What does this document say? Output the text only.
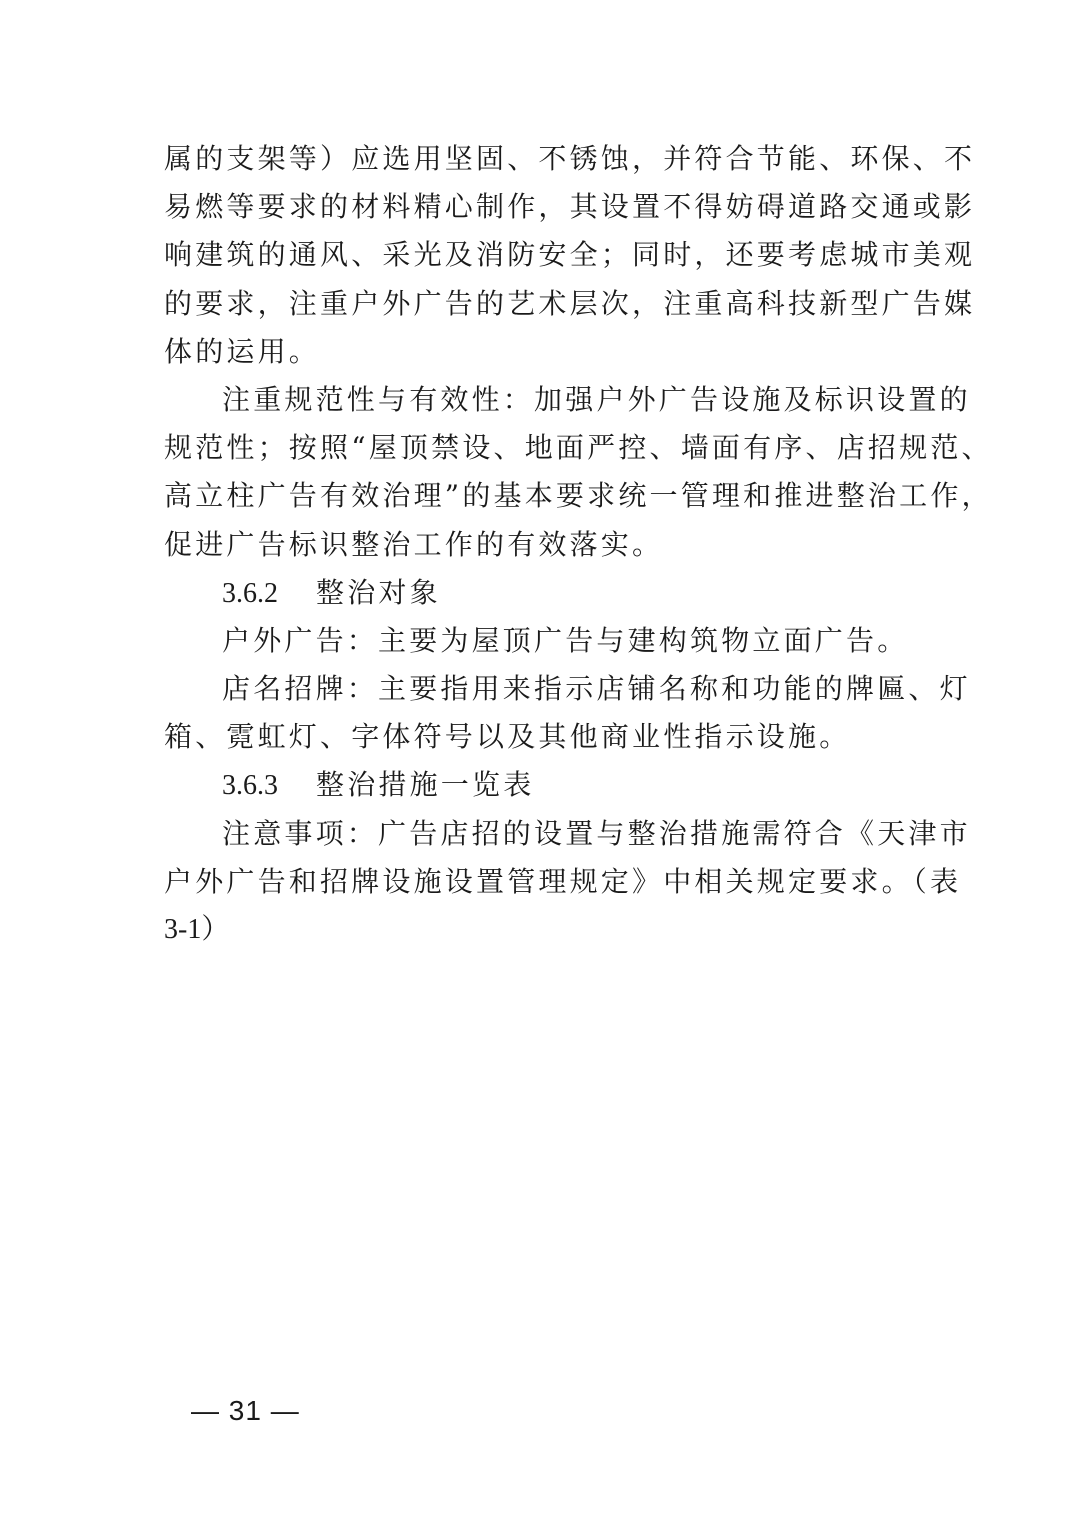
属的支架等）应选用坚固、不锈蚀，并符合节能、环保、不
易燃等要求的材料精心制作，其设置不得妨碍道路交通或影
响建筑的通风、采光及消防安全；同时，还要考虑城市美观
的要求，注重户外广告的艺术层次，注重高科技新型广告媒
体的运用。
注重规范性与有效性：加强户外广告设施及标识设置的
规范性；按照“屋顶禁设、地面严控、墙面有序、店招规范、
高立柱广告有效治理”的基本要求统一管理和推进整治工作，
促进广告标识整治工作的有效落实。
3.6.2 整治对象
户外广告：主要为屋顶广告与建构筑物立面广告。
店名招牌：主要指用来指示店铺名称和功能的牌匾、灯
箱、霓虹灯、字体符号以及其他商业性指示设施。
3.6.3 整治措施一览表
注意事项：广告店招的设置与整治措施需符合《天津市
户外广告和招牌设施设置管理规定》中相关规定要求。（表
3-1）
— 31 —
